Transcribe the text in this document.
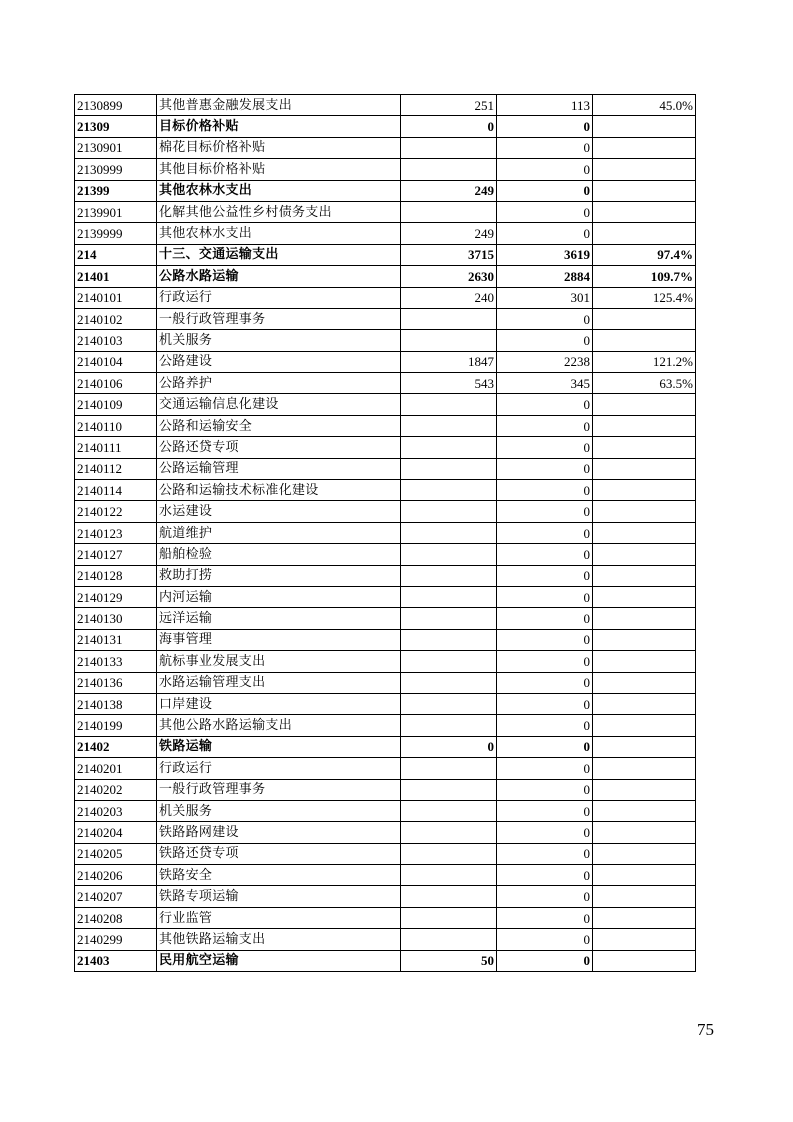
2130899	其他普惠金融发展支出	251	113	45.0%
21309	目标价格补贴	0	0	
2130901	棉花目标价格补贴		0	
2130999	其他目标价格补贴		0	
21399	其他农林水支出	249	0	
2139901	化解其他公益性乡村债务支出		0	
2139999	其他农林水支出	249	0	
214	十三、交通运输支出	3715	3619	97.4%
21401	公路水路运输	2630	2884	109.7%
2140101	行政运行	240	301	125.4%
2140102	一般行政管理事务		0	
2140103	机关服务		0	
2140104	公路建设	1847	2238	121.2%
2140106	公路养护	543	345	63.5%
2140109	交通运输信息化建设		0	
2140110	公路和运输安全		0	
2140111	公路还贷专项		0	
2140112	公路运输管理		0	
2140114	公路和运输技术标准化建设		0	
2140122	水运建设		0	
2140123	航道维护		0	
2140127	船舶检验		0	
2140128	救助打捞		0	
2140129	内河运输		0	
2140130	远洋运输		0	
2140131	海事管理		0	
2140133	航标事业发展支出		0	
2140136	水路运输管理支出		0	
2140138	口岸建设		0	
2140199	其他公路水路运输支出		0	
21402	铁路运输	0	0	
2140201	行政运行		0	
2140202	一般行政管理事务		0	
2140203	机关服务		0	
2140204	铁路路网建设		0	
2140205	铁路还贷专项		0	
2140206	铁路安全		0	
2140207	铁路专项运输		0	
2140208	行业监管		0	
2140299	其他铁路运输支出		0	
21403	民用航空运输	50	0	
75
